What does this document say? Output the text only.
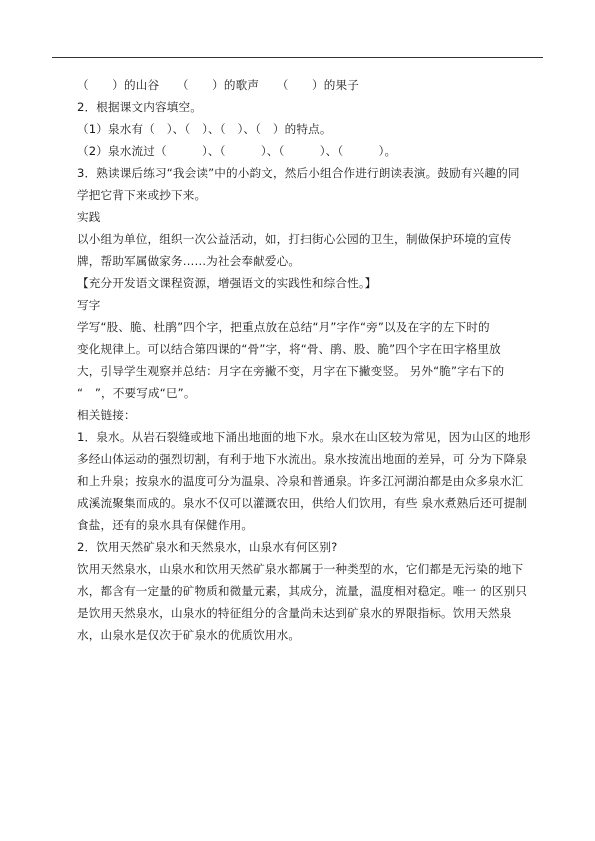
（　　）的山谷　　（　　）的歌声　　（　　）的果子
2．根据课文内容填空。
（1）泉水有（　）、（　）、（　）、（　）的特点。
（2）泉水流过（　　　）、（　　　）、（　　　）、（　　　）。
3．熟读课后练习“我会读”中的小韵文，然后小组合作进行朗读表演。鼓励有兴趣的同
学把它背下来或抄下来。
实践
以小组为单位，组织一次公益活动，如，打扫街心公园的卫生，制做保护环境的宣传
牌，帮助军属做家务……为社会奉献爱心。
【充分开发语文课程资源，增强语文的实践性和综合性。】
写字
学写“股、脆、杜鹃”四个字，把重点放在总结“月”字作“旁”以及在字的左下时的
变化规律上。可以结合第四课的“骨”字，将“骨、鹃、股、脆”四个字在田字格里放
大，引导学生观察并总结：月字在旁撇不变，月字在下撇变竖。 另外“脆”字右下的
“　”，不要写成“巳”。
相关链接：
1．泉水。从岩石裂缝或地下涌出地面的地下水。泉水在山区较为常见，因为山区的地形
多经山体运动的强烈切割，有利于地下水流出。泉水按流出地面的差异，可 分为下降泉
和上升泉；按泉水的温度可分为温泉、冷泉和普通泉。许多江河湖泊都是由众多泉水汇
成溪流聚集而成的。泉水不仅可以灌溉农田，供给人们饮用，有些 泉水煮熟后还可提制
食盐，还有的泉水具有保健作用。
2．饮用天然矿泉水和天然泉水，山泉水有何区别?
饮用天然泉水，山泉水和饮用天然矿泉水都属于一种类型的水，它们都是无污染的地下
水，都含有一定量的矿物质和微量元素，其成分，流量，温度相对稳定。唯一 的区别只
是饮用天然泉水，山泉水的特征组分的含量尚未达到矿泉水的界限指标。饮用天然泉
水，山泉水是仅次于矿泉水的优质饮用水。
